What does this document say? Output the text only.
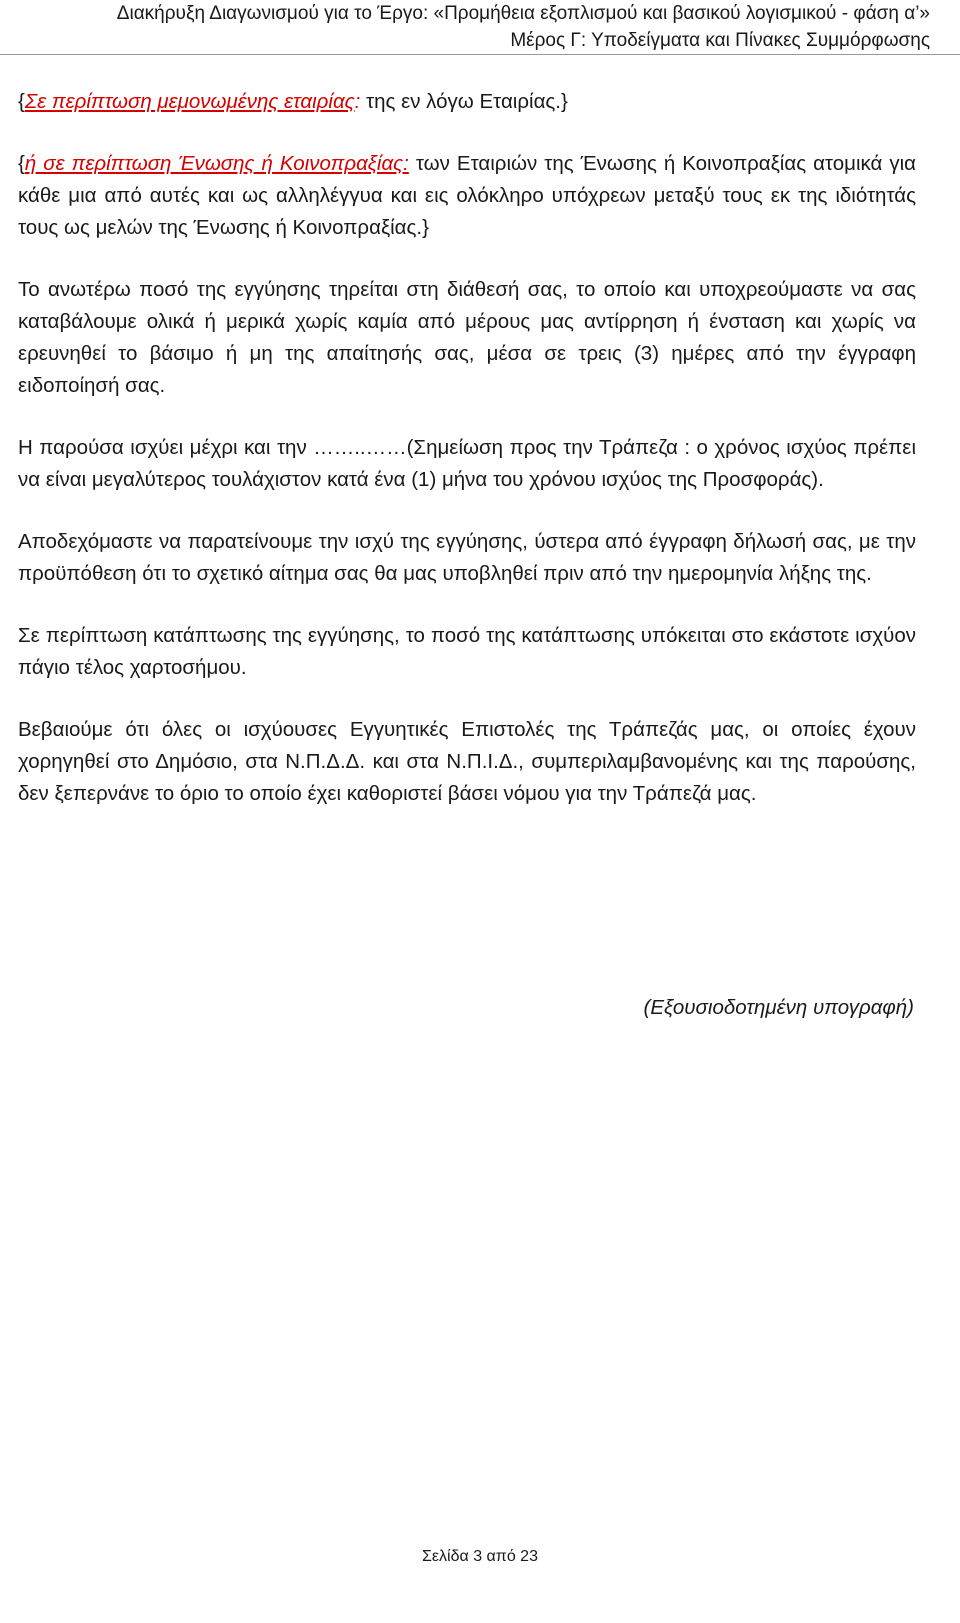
Διακήρυξη Διαγωνισμού για το Έργο: «Προμήθεια εξοπλισμού και βασικού λογισμικού - φάση α’»
Μέρος Γ: Υποδείγματα και Πίνακες Συμμόρφωσης

{Σε περίπτωση μεμονωμένης εταιρίας: της εν λόγω Εταιρίας.}

{ή σε περίπτωση Ένωσης ή Κοινοπραξίας: των Εταιριών της Ένωσης ή Κοινοπραξίας ατομικά για κάθε μια από αυτές και ως αλληλέγγυα και εις ολόκληρο υπόχρεων μεταξύ τους εκ της ιδιότητάς τους ως μελών της Ένωσης ή Κοινοπραξίας.}

Το ανωτέρω ποσό της εγγύησης τηρείται στη διάθεσή σας, το οποίο και υποχρεούμαστε να σας καταβάλουμε ολικά ή μερικά χωρίς καμία από μέρους μας αντίρρηση ή ένσταση και χωρίς να ερευνηθεί το βάσιμο ή μη της απαίτησής σας, μέσα σε τρεις (3) ημέρες από την έγγραφη ειδοποίησή σας.

Η παρούσα ισχύει μέχρι και την ……..……(Σημείωση προς την Τράπεζα : ο χρόνος ισχύος πρέπει να είναι μεγαλύτερος τουλάχιστον κατά ένα (1) μήνα του χρόνου ισχύος της Προσφοράς).

Αποδεχόμαστε να παρατείνουμε την ισχύ της εγγύησης, ύστερα από έγγραφη δήλωσή σας, με την προϋπόθεση ότι το σχετικό αίτημα σας θα μας υποβληθεί πριν από την ημερομηνία λήξης της.

Σε περίπτωση κατάπτωσης της εγγύησης, το ποσό της κατάπτωσης υπόκειται στο εκάστοτε ισχύον πάγιο τέλος χαρτοσήμου.

Βεβαιούμε ότι όλες οι ισχύουσες Εγγυητικές Επιστολές της Τράπεζάς μας, οι οποίες έχουν χορηγηθεί στο Δημόσιο, στα Ν.Π.Δ.Δ. και στα Ν.Π.Ι.Δ., συμπεριλαμβανομένης και της παρούσης, δεν ξεπερνάνε το όριο το οποίο έχει καθοριστεί βάσει νόμου για την Τράπεζά μας.

(Εξουσιοδοτημένη υπογραφή)
Σελίδα 3 από 23
